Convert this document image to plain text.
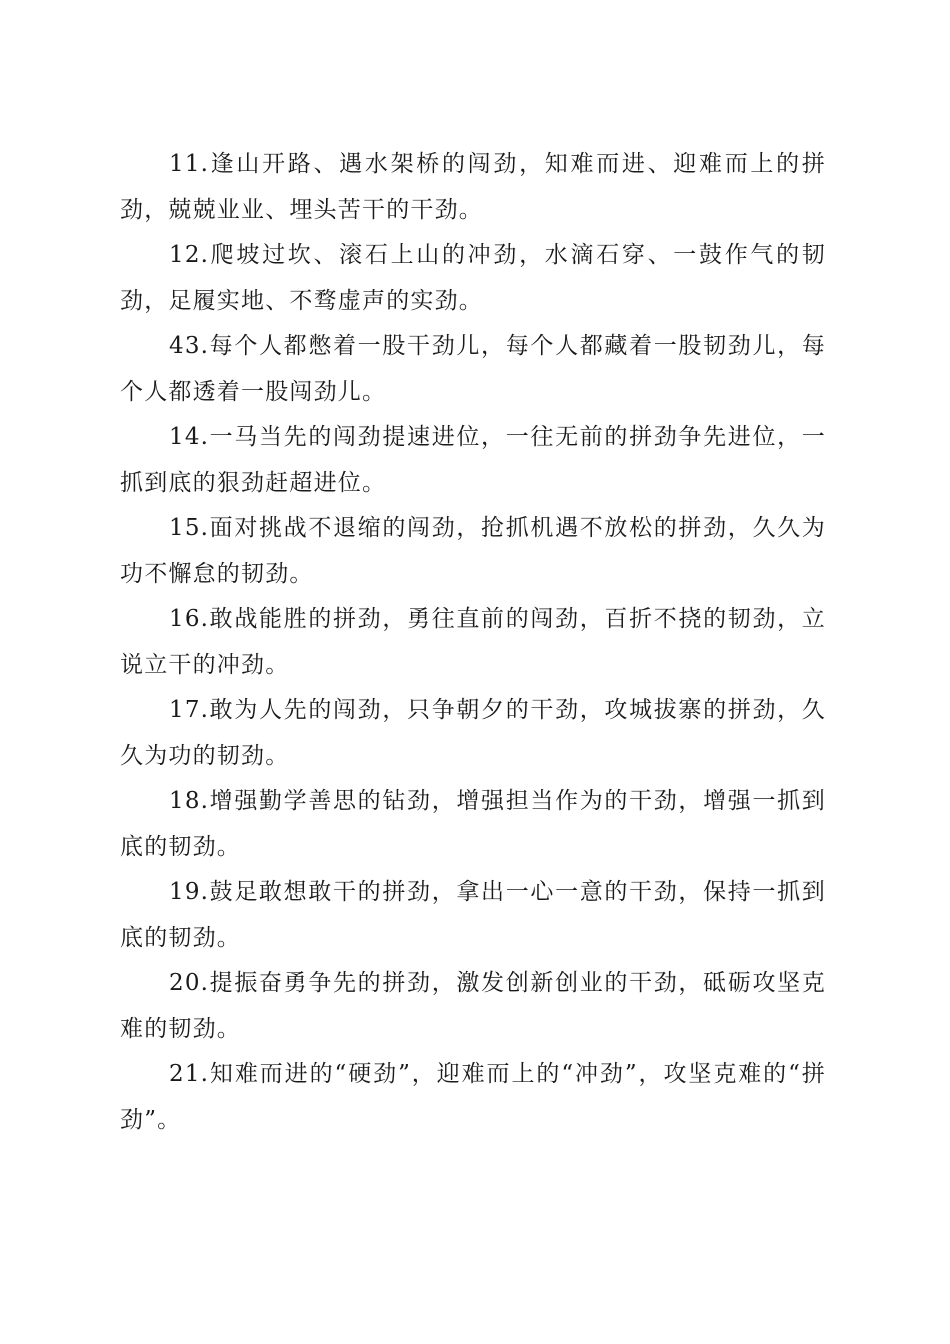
11.逢山开路、遇水架桥的闯劲，知难而进、迎难而上的拼劲，兢兢业业、埋头苦干的干劲。

12.爬坡过坎、滚石上山的冲劲，水滴石穿、一鼓作气的韧劲，足履实地、不骛虚声的实劲。

43.每个人都憋着一股干劲儿，每个人都藏着一股韧劲儿，每个人都透着一股闯劲儿。

14.一马当先的闯劲提速进位，一往无前的拼劲争先进位，一抓到底的狠劲赶超进位。

15.面对挑战不退缩的闯劲，抢抓机遇不放松的拼劲，久久为功不懈怠的韧劲。

16.敢战能胜的拼劲，勇往直前的闯劲，百折不挠的韧劲，立说立干的冲劲。

17.敢为人先的闯劲，只争朝夕的干劲，攻城拔寨的拼劲，久久为功的韧劲。

18.增强勤学善思的钻劲，增强担当作为的干劲，增强一抓到底的韧劲。

19.鼓足敢想敢干的拼劲，拿出一心一意的干劲，保持一抓到底的韧劲。

20.提振奋勇争先的拼劲，激发创新创业的干劲，砥砺攻坚克难的韧劲。

21.知难而进的“硬劲”，迎难而上的“冲劲”，攻坚克难的“拼劲”。
